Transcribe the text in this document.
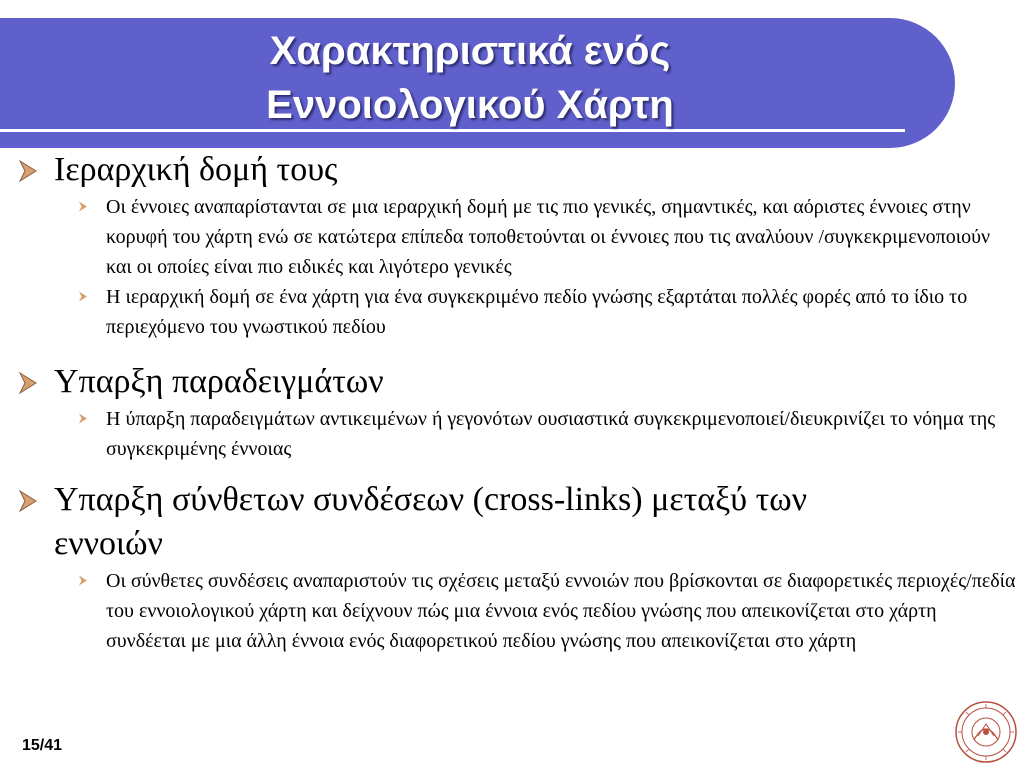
Χαρακτηριστικά ενός
Εννοιολογικού Χάρτη
Ιεραρχική δομή τους
Οι έννοιες αναπαρίστανται σε μια ιεραρχική δομή με τις πιο γενικές, σημαντικές, και αόριστες έννοιες στην κορυφή του χάρτη ενώ σε κατώτερα επίπεδα τοποθετούνται οι έννοιες που τις αναλύουν /συγκεκριμενοποιούν και οι οποίες είναι πιο ειδικές και λιγότερο γενικές
Η ιεραρχική δομή σε ένα χάρτη για ένα συγκεκριμένο πεδίο γνώσης εξαρτάται πολλές φορές από το ίδιο το περιεχόμενο του γνωστικού πεδίου
Υπαρξη παραδειγμάτων
Η ύπαρξη παραδειγμάτων αντικειμένων ή γεγονότων ουσιαστικά συγκεκριμενοποιεί/διευκρινίζει το νόημα της συγκεκριμένης έννοιας
Υπαρξη σύνθετων συνδέσεων (cross-links) μεταξύ των εννοιών
Οι σύνθετες συνδέσεις αναπαριστούν τις σχέσεις μεταξύ εννοιών που βρίσκονται σε διαφορετικές περιοχές/πεδία του εννοιολογικού χάρτη και δείχνουν πώς μια έννοια ενός πεδίου γνώσης που απεικονίζεται στο χάρτη συνδέεται με μια άλλη έννοια ενός διαφορετικού πεδίου γνώσης που απεικονίζεται στο χάρτη
15/41
